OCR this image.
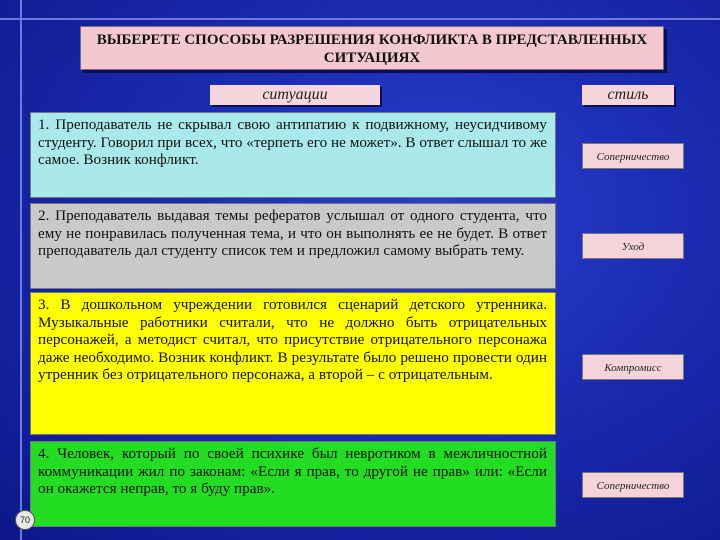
ВЫБЕРЕТЕ СПОСОБЫ РАЗРЕШЕНИЯ КОНФЛИКТА В ПРЕДСТАВЛЕННЫХ СИТУАЦИЯХ
ситуации	стиль
1. Преподаватель не скрывал свою антипатию к подвижному, неусидчивому студенту. Говорил при всех, что «терпеть его не может». В ответ слышал то же самое. Возник конфликт.
2. Преподаватель выдавая темы рефератов услышал от одного студента, что ему не понравилась полученная тема, и что он выполнять ее не будет. В ответ преподаватель дал студенту список тем и предложил самому выбрать тему.
3. В дошкольном учреждении готовился сценарий детского утренника. Музыкальные работники считали, что не должно быть отрицательных персонажей, а методист считал, что присутствие отрицательного персонажа даже необходимо. Возник конфликт. В результате было решено провести один утренник без отрицательного персонажа, а второй – с отрицательным.
4. Человек, который по своей психике был невротиком в межличностной коммуникации жил по законам: «Если я прав, то другой не прав» или: «Если он окажется неправ, то я буду прав».
Соперничество
Уход
Компромисс
Соперничество
70
